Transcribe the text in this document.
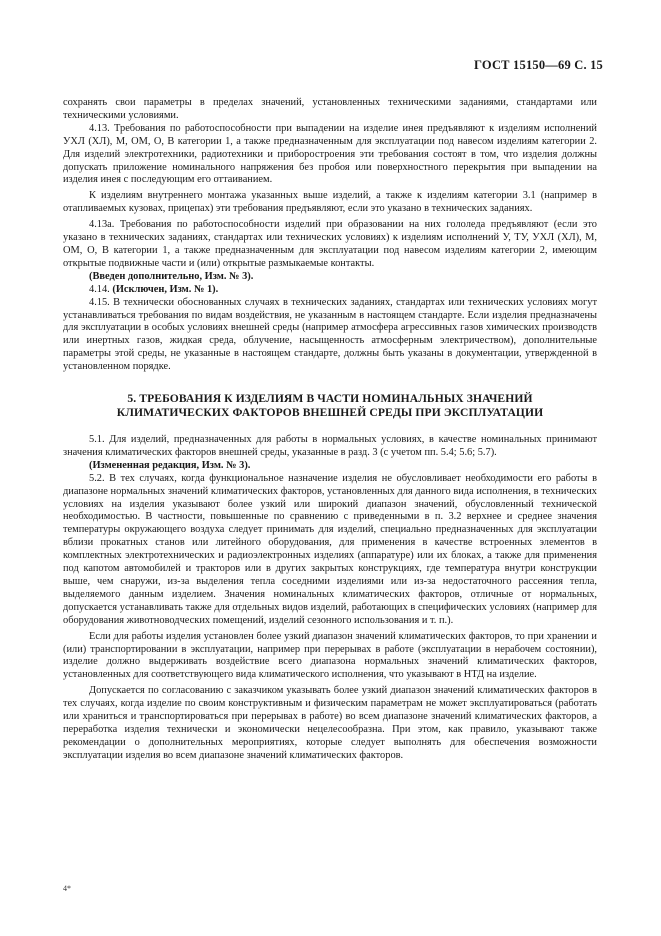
ГОСТ 15150—69 С. 15

сохранять свои параметры в пределах значений, установленных техническими заданиями, стандартами или техническими условиями.

4.13. Требования по работоспособности при выпадении на изделие инея предъявляют к изделиям исполнений УХЛ (ХЛ), М, ОМ, О, В категории 1, а также предназначенным для эксплуатации под навесом изделиям категории 2. Для изделий электротехники, радиотехники и приборостроения эти требования состоят в том, что изделия должны допускать приложение номинального напряжения без пробоя или поверхностного перекрытия при выпадении на изделия инея с последующим его оттаиванием.

К изделиям внутреннего монтажа указанных выше изделий, а также к изделиям категории 3.1 (например в отапливаемых кузовах, прицепах) эти требования предъявляют, если это указано в технических заданиях.

4.13а. Требования по работоспособности изделий при образовании на них гололеда предъявляют (если это указано в технических заданиях, стандартах или технических условиях) к изделиям исполнений У, ТУ, УХЛ (ХЛ), М, ОМ, О, В категории 1, а также предназначенным для эксплуатации под навесом изделиям категории 2, имеющим открытые подвижные части и (или) открытые размыкаемые контакты.

(Введен дополнительно, Изм. № 3).

4.14. (Исключен, Изм. № 1).

4.15. В технически обоснованных случаях в технических заданиях, стандартах или технических условиях могут устанавливаться требования по видам воздействия, не указанным в настоящем стандарте. Если изделия предназначены для эксплуатации в особых условиях внешней среды (например атмосфера агрессивных газов химических производств или инертных газов, жидкая среда, облучение, насыщенность атмосферным электричеством), дополнительные параметры этой среды, не указанные в настоящем стандарте, должны быть указаны в документации, утвержденной в установленном порядке.

5. ТРЕБОВАНИЯ К ИЗДЕЛИЯМ В ЧАСТИ НОМИНАЛЬНЫХ ЗНАЧЕНИЙ
КЛИМАТИЧЕСКИХ ФАКТОРОВ ВНЕШНЕЙ СРЕДЫ ПРИ ЭКСПЛУАТАЦИИ

5.1. Для изделий, предназначенных для работы в нормальных условиях, в качестве номинальных принимают значения климатических факторов внешней среды, указанные в разд. 3 (с учетом пп. 5.4; 5.6; 5.7).

(Измененная редакция, Изм. № 3).

5.2. В тех случаях, когда функциональное назначение изделия не обусловливает необходимости его работы в диапазоне нормальных значений климатических факторов, установленных для данного вида исполнения, в технических условиях на изделия указывают более узкий или широкий диапазон значений, обусловленный технической необходимостью. В частности, повышенные по сравнению с приведенными в п. 3.2 верхнее и среднее значения температуры окружающего воздуха следует принимать для изделий, специально предназначенных для эксплуатации вблизи прокатных станов или литейного оборудования, для применения в качестве встроенных элементов в комплектных электротехнических и радиоэлектронных изделиях (аппаратуре) или их блоках, а также для применения под капотом автомобилей и тракторов или в других закрытых конструкциях, где температура внутри конструкции выше, чем снаружи, из-за выделения тепла соседними изделиями или из-за недостаточного рассеяния тепла, выделяемого данным изделием. Значения номинальных климатических факторов, отличные от нормальных, допускается устанавливать также для отдельных видов изделий, работающих в специфических условиях (например для оборудования животноводческих помещений, изделий сезонного использования и т. п.).

Если для работы изделия установлен более узкий диапазон значений климатических факторов, то при хранении и (или) транспортировании в эксплуатации, например при перерывах в работе (эксплуатации в нерабочем состоянии), изделие должно выдерживать воздействие всего диапазона нормальных значений климатических факторов, установленных для соответствующего вида климатического исполнения, что указывают в НТД на изделие.

Допускается по согласованию с заказчиком указывать более узкий диапазон значений климатических факторов в тех случаях, когда изделие по своим конструктивным и физическим параметрам не может эксплуатироваться (работать или храниться и транспортироваться при перерывах в работе) во всем диапазоне значений климатических факторов, а переработка изделия технически и экономически нецелесообразна. При этом, как правило, указывают также рекомендации о дополнительных мероприятиях, которые следует выполнять для обеспечения возможности эксплуатации изделия во всем диапазоне значений климатических факторов.

4*
